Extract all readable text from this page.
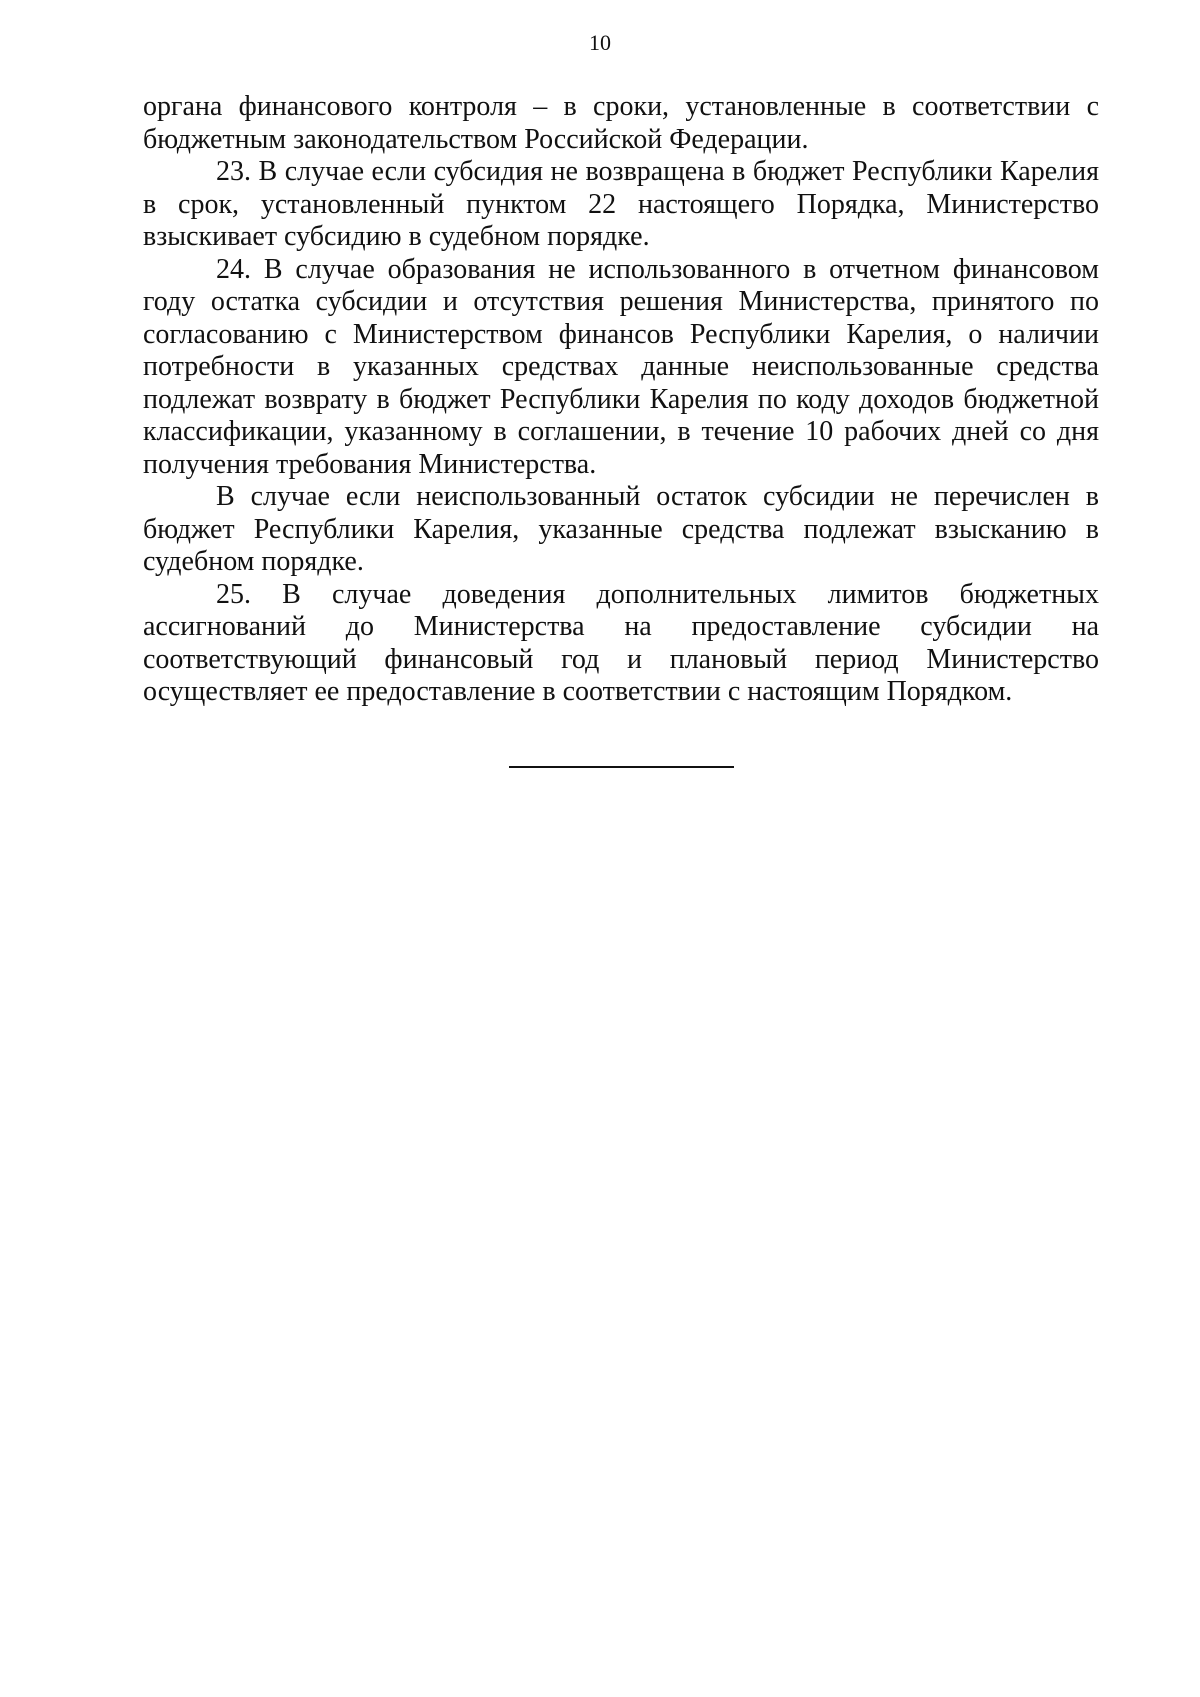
10

органа финансового контроля – в сроки, установленные в соответствии с бюджетным законодательством Российской Федерации.

23. В случае если субсидия не возвращена в бюджет Республики Карелия в срок, установленный пунктом 22 настоящего Порядка, Министерство взыскивает субсидию в судебном порядке.

24. В случае образования не использованного в отчетном финансовом году остатка субсидии и отсутствия решения Министерства, принятого по согласованию с Министерством финансов Республики Карелия, о наличии потребности в указанных средствах данные неиспользованные средства подлежат возврату в бюджет Республики Карелия по коду доходов бюджетной классификации, указанному в соглашении, в течение 10 рабочих дней со дня получения требования Министерства.

В случае если неиспользованный остаток субсидии не перечислен в бюджет Республики Карелия, указанные средства подлежат взысканию в судебном порядке.

25. В случае доведения дополнительных лимитов бюджетных ассигнований до Министерства на предоставление субсидии на соответствующий финансовый год и плановый период Министерство осуществляет ее предоставление в соответствии с настоящим Порядком.
